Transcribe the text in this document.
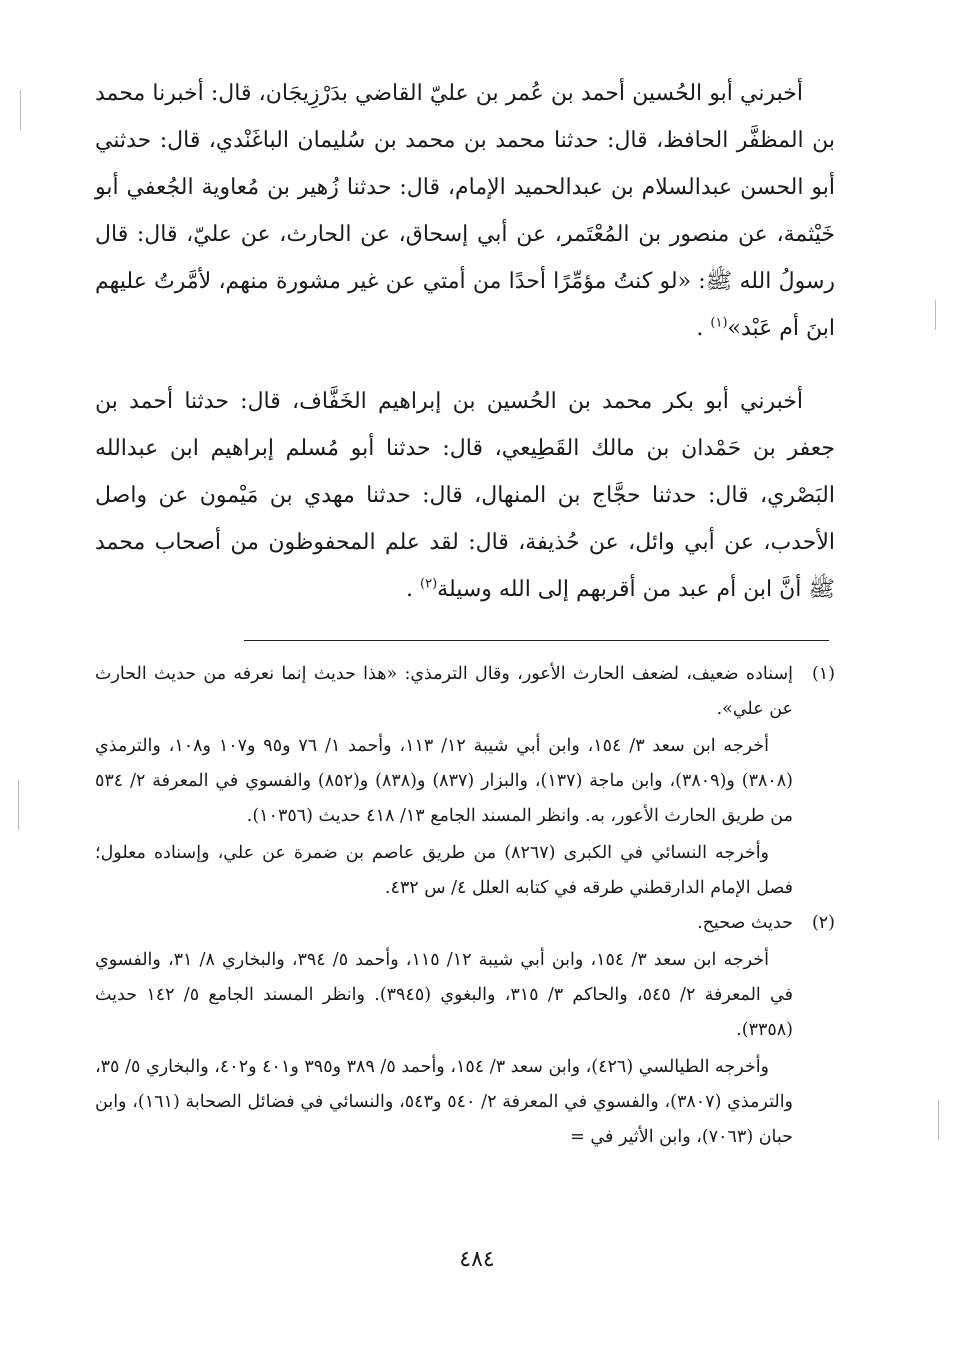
أخبرني أبو الحُسين أحمد بن عُمر بن عليّ القاضي بدَرْزِيجَان، قال: أخبرنا محمد بن المظفَّر الحافظ، قال: حدثنا محمد بن محمد بن سُليمان الباغَنْدي، قال: حدثني أبو الحسن عبدالسلام بن عبدالحميد الإمام، قال: حدثنا زُهير بن مُعاوية الجُعفي أبو خَيْثمة، عن منصور بن المُعْتَمر، عن أبي إسحاق، عن الحارث، عن عليّ، قال: قال رسولُ الله ﷺ: «لو كنتُ مؤمِّرًا أحدًا من أمتي عن غير مشورة منهم، لأمَّرتُ عليهم ابنَ أم عَبْد»$^{(١)}$ .

أخبرني أبو بكر محمد بن الحُسين بن إبراهيم الخَفَّاف، قال: حدثنا أحمد بن جعفر بن حَمْدان بن مالك القَطِيعي، قال: حدثنا أبو مُسلم إبراهيم ابن عبدالله البَصْري، قال: حدثنا حجَّاج بن المنهال، قال: حدثنا مهدي بن مَيْمون عن واصل الأحدب، عن أبي وائل، عن حُذيفة، قال: لقد علم المحفوظون من أصحاب محمد ﷺ أنَّ ابن أم عبد من أقربهم إلى الله وسيلة$^{(٢)}$ .

(١)

إسناده ضعيف، لضعف الحارث الأعور، وقال الترمذي: «هذا حديث إنما نعرفه من حديث الحارث عن علي».

أخرجه ابن سعد ٣/ ١٥٤، وابن أبي شيبة ١٢/ ١١٣، وأحمد ١/ ٧٦ و٩٥ و١٠٧ و١٠٨، والترمذي (٣٨٠٨) و(٣٨٠٩)، وابن ماجة (١٣٧)، والبزار (٨٣٧) و(٨٣٨) و(٨٥٢) والفسوي في المعرفة ٢/ ٥٣٤ من طريق الحارث الأعور، به. وانظر المسند الجامع ١٣/ ٤١٨ حديث (١٠٣٥٦).

وأخرجه النسائي في الكبرى (٨٢٦٧) من طريق عاصم بن ضمرة عن علي، وإسناده معلول؛ فصل الإمام الدارقطني طرقه في كتابه العلل ٤/ س ٤٣٢.

(٢)

حديث صحيح.

أخرجه ابن سعد ٣/ ١٥٤، وابن أبي شيبة ١٢/ ١١٥، وأحمد ٥/ ٣٩٤، والبخاري ٨/ ٣١، والفسوي في المعرفة ٢/ ٥٤٥، والحاكم ٣/ ٣١٥، والبغوي (٣٩٤٥). وانظر المسند الجامع ٥/ ١٤٢ حديث (٣٣٥٨).

وأخرجه الطيالسي (٤٢٦)، وابن سعد ٣/ ١٥٤، وأحمد ٥/ ٣٨٩ و٣٩٥ و٤٠١ و٤٠٢، والبخاري ٥/ ٣٥، والترمذي (٣٨٠٧)، والفسوي في المعرفة ٢/ ٥٤٠ و٥٤٣، والنسائي في فضائل الصحابة (١٦١)، وابن حبان (٧٠٦٣)، وابن الأثير في =

٤٨٤
